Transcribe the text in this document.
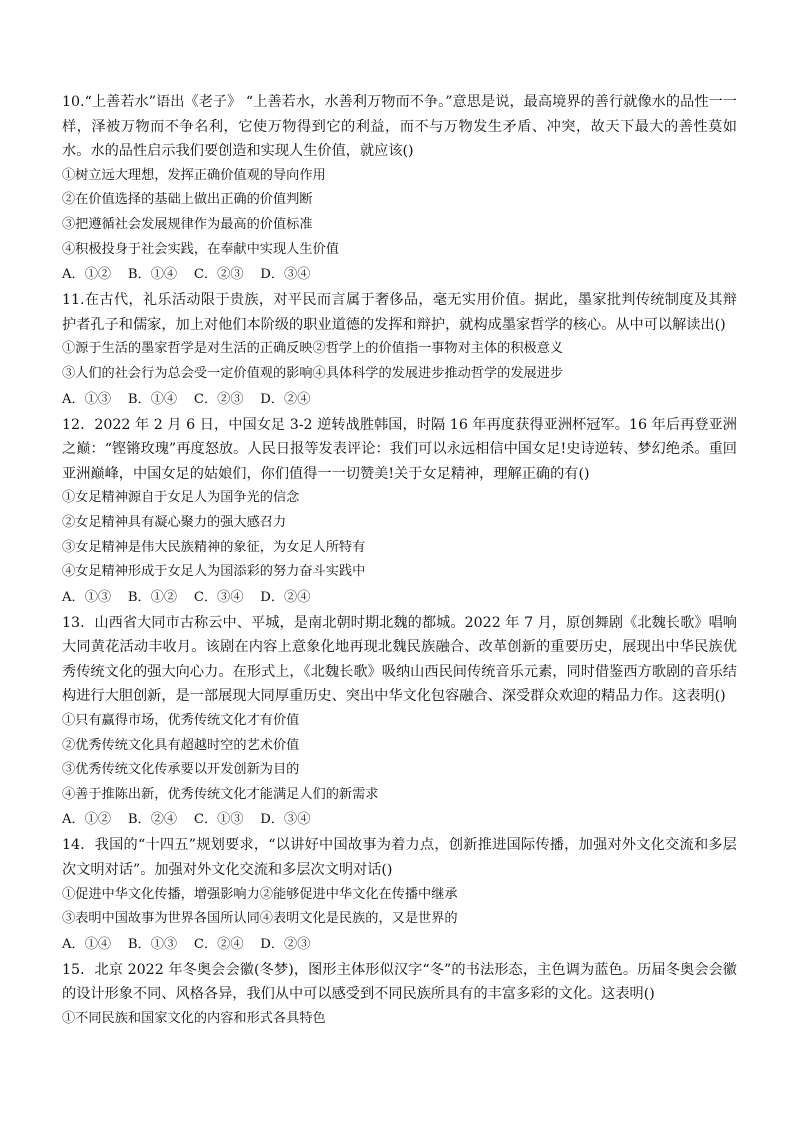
10.“上善若水”语出《老子》 “上善若水，水善利万物而不争。”意思是说，最高境界的善行就像水的品性一一样，泽被万物而不争名利，它使万物得到它的利益，而不与万物发生矛盾、冲突，故天下最大的善性莫如水。水的品性启示我们要创造和实现人生价值，就应该()

①树立远大理想，发挥正确价值观的导向作用

②在价值选择的基础上做出正确的价值判断

③把遵循社会发展规律作为最高的价值标准

④积极投身于社会实践，在奉献中实现人生价值

A．①②    B．①④    C．②③    D．③④

11.在古代，礼乐活动限于贵族，对平民而言属于奢侈品，毫无实用价值。据此，墨家批判传统制度及其辩护者孔子和儒家，加上对他们本阶级的职业道德的发挥和辩护，就构成墨家哲学的核心。从中可以解读出()

①源于生活的墨家哲学是对生活的正确反映②哲学上的价值指一事物对主体的积极意义

③人们的社会行为总会受一定价值观的影响④具体科学的发展进步推动哲学的发展进步

A．①③    B．①④    C．②③    D．②④

12．2022 年 2 月 6 日，中国女足 3-2 逆转战胜韩国，时隔 16 年再度获得亚洲杯冠军。16 年后再登亚洲之巅：“铿锵玫瑰”再度怒放。人民日报等发表评论：我们可以永远相信中国女足!史诗逆转、梦幻绝杀。重回亚洲巅峰，中国女足的姑娘们，你们值得一一切赞美!关于女足精神，理解正确的有()

①女足精神源自于女足人为国争光的信念

②女足精神具有凝心聚力的强大感召力

③女足精神是伟大民族精神的象征，为女足人所特有

④女足精神形成于女足人为国添彩的努力奋斗实践中

A．①③    B．①②    C．③④    D．②④

13．山西省大同市古称云中、平城，是南北朝时期北魏的都城。2022 年 7 月，原创舞剧《北魏长歌》唱响大同黄花活动丰收月。该剧在内容上意象化地再现北魏民族融合、改革创新的重要历史，展现出中华民族优秀传统文化的强大向心力。在形式上，《北魏长歌》吸纳山西民间传统音乐元素，同时借鉴西方歌剧的音乐结构进行大胆创新，是一部展现大同厚重历史、突出中华文化包容融合、深受群众欢迎的精品力作。这表明()

①只有赢得市场，优秀传统文化才有价值

②优秀传统文化具有超越时空的艺术价值

③优秀传统文化传承要以开发创新为目的

④善于推陈出新，优秀传统文化才能满足人们的新需求

A．①②    B．②④    C．①③    D．③④

14．我国的“十四五”规划要求，“以讲好中国故事为着力点，创新推进国际传播，加强对外文化交流和多层次文明对话”。加强对外文化交流和多层次文明对话()

①促进中华文化传播，增强影响力②能够促进中华文化在传播中继承

③表明中国故事为世界各国所认同④表明文化是民族的，又是世界的

A．①④    B．①③    C．②④    D．②③

15．北京 2022 年冬奥会会徽(冬梦)，图形主体形似汉字“冬”的书法形态，主色调为蓝色。历届冬奥会会徽的设计形象不同、风格各异，我们从中可以感受到不同民族所具有的丰富多彩的文化。这表明()

①不同民族和国家文化的内容和形式各具特色
